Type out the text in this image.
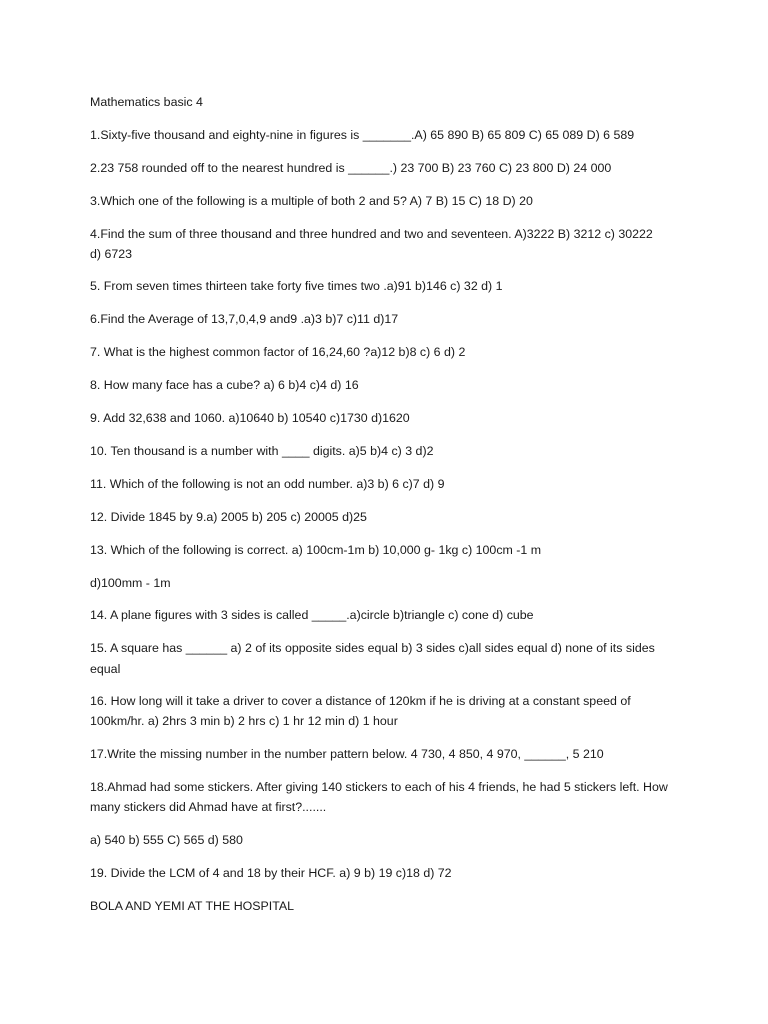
Mathematics basic 4
1.Sixty-five thousand and eighty-nine in figures is _______.A) 65 890 B) 65 809 C) 65 089 D) 6 589
2.23 758 rounded off to the nearest hundred is ______.) 23 700 B) 23 760 C) 23 800 D) 24 000
3.Which one of the following is a multiple of both 2 and 5? A) 7 B) 15 C) 18 D) 20
4.Find the sum of three thousand and three hundred and two and seventeen. A)3222 B) 3212 c) 30222
d) 6723
5. From seven times thirteen take forty five times two .a)91 b)146 c) 32 d) 1
6.Find the Average of 13,7,0,4,9 and9 .a)3 b)7 c)11 d)17
7. What is the highest common factor of 16,24,60 ?a)12 b)8 c) 6 d) 2
8. How many face has a cube? a) 6 b)4 c)4 d) 16
9. Add 32,638 and 1060. a)10640 b) 10540 c)1730 d)1620
10. Ten thousand is a number with ____ digits. a)5 b)4 c) 3 d)2
11. Which of the following is not an odd number. a)3 b) 6 c)7 d) 9
12. Divide 1845 by 9.a) 2005 b) 205 c) 20005 d)25
13. Which of the following is correct. a) 100cm-1m b) 10,000 g- 1kg c) 100cm -1 m
d)100mm - 1m
14. A plane figures with 3 sides is called _____.a)circle b)triangle c) cone d) cube
15. A square has ______ a) 2 of its opposite sides equal b) 3 sides c)all sides equal d) none of its sides
equal
16. How long will it take a driver to cover a distance of 120km if he is driving at a constant speed of
100km/hr. a) 2hrs 3 min b) 2 hrs c) 1 hr 12 min d) 1 hour
17.Write the missing number in the number pattern below. 4 730, 4 850, 4 970, ______, 5 210
18.Ahmad had some stickers. After giving 140 stickers to each of his 4 friends, he had 5 stickers left. How
many stickers did Ahmad have at first?.......
a) 540 b) 555 C) 565 d) 580
19. Divide the LCM of 4 and 18 by their HCF. a) 9 b) 19 c)18 d) 72
BOLA AND YEMI AT THE HOSPITAL
